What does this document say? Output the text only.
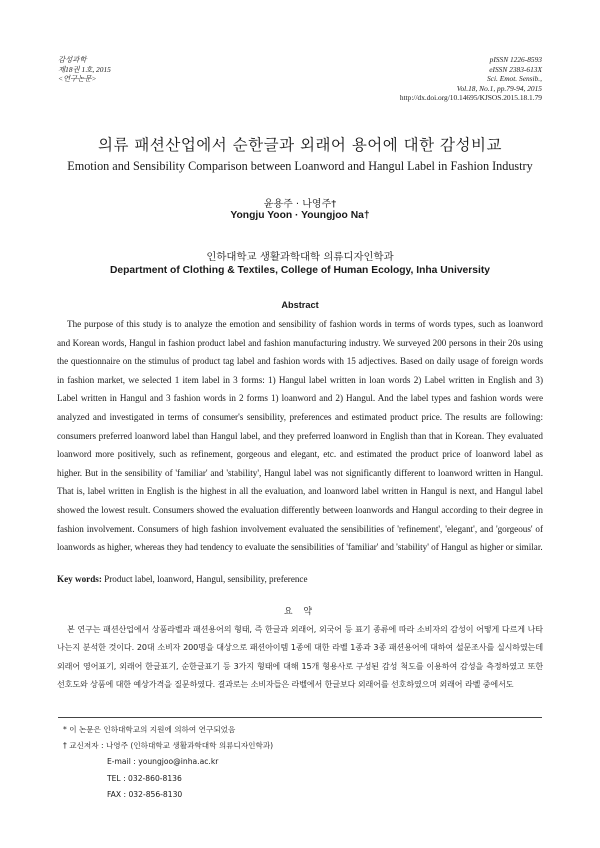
감성과학
제18권 1호, 2015
<연구논문>
pISSN 1226-8593
eISSN 2383-613X
Sci. Emot. Sensib.,
Vol.18, No.1, pp.79-94, 2015
http://dx.doi.org/10.14695/KJSOS.2015.18.1.79
의류 패션산업에서 순한글과 외래어 용어에 대한 감성비교
Emotion and Sensibility Comparison between Loanword and Hangul Label in Fashion Industry
윤용주 · 나영주†
Yongju Yoon · Youngjoo Na†
인하대학교 생활과학대학 의류디자인학과
Department of Clothing & Textiles, College of Human Ecology, Inha University
Abstract
The purpose of this study is to analyze the emotion and sensibility of fashion words in terms of words types, such as loanword and Korean words, Hangul in fashion product label and fashion manufacturing industry. We surveyed 200 persons in their 20s using the questionnaire on the stimulus of product tag label and fashion words with 15 adjectives. Based on daily usage of foreign words in fashion market, we selected 1 item label in 3 forms: 1) Hangul label written in loan words 2) Label written in English and 3) Label written in Hangul and 3 fashion words in 2 forms 1) loanword and 2) Hangul. And the label types and fashion words were analyzed and investigated in terms of consumer's sensibility, preferences and estimated product price. The results are following: consumers preferred loanword label than Hangul label, and they preferred loanword in English than that in Korean. They evaluated loanword more positively, such as refinement, gorgeous and elegant, etc. and estimated the product price of loanword label as higher. But in the sensibility of 'familiar' and 'stability', Hangul label was not significantly different to loanword written in Hangul. That is, label written in English is the highest in all the evaluation, and loanword label written in Hangul is next, and Hangul label showed the lowest result. Consumers showed the evaluation differently between loanwords and Hangul according to their degree in fashion involvement. Consumers of high fashion involvement evaluated the sensibilities of 'refinement', 'elegant', and 'gorgeous' of loanwords as higher, whereas they had tendency to evaluate the sensibilities of 'familiar' and 'stability' of Hangul as higher or similar.
Key words: Product label, loanword, Hangul, sensibility, preference
요 약
본 연구는 패션산업에서 상품라벨과 패션용어의 형태, 즉 한글과 외래어, 외국어 등 표기 종류에 따라 소비자의 감성이 어떻게 다르게 나타나는지 분석한 것이다. 20대 소비자 200명을 대상으로 패션아이템 1종에 대한 라벨 1종과 3종 패션용어에 대하여 설문조사를 실시하였는데 외래어 영어표기, 외래어 한글표기, 순한글표기 등 3가지 형태에 대해 15개 형용사로 구성된 감성 척도를 이용하여 감성을 측정하였고 또한 선호도와 상품에 대한 예상가격을 질문하였다. 결과로는 소비자들은 라벨에서 한글보다 외래어를 선호하였으며 외래어 라벨 중에서도
* 이 논문은 인하대학교의 지원에 의하여 연구되었음
† 교신저자 : 나영주 (인하대학교 생활과학대학 의류디자인학과)
E-mail : youngjoo@inha.ac.kr
TEL : 032-860-8136
FAX : 032-856-8130
